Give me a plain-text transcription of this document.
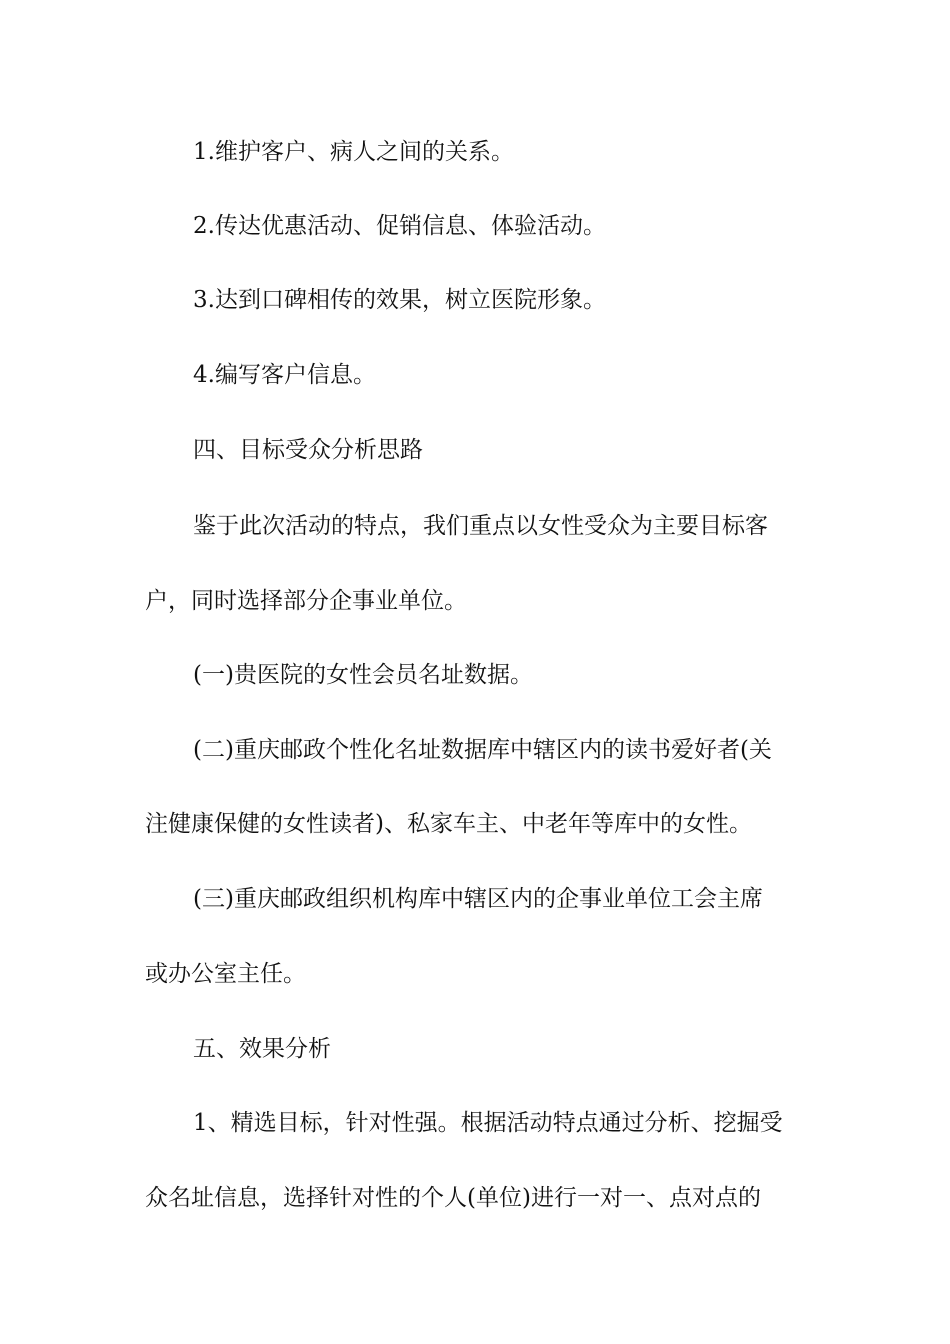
1.维护客户、病人之间的关系。

2.传达优惠活动、促销信息、体验活动。

3.达到口碑相传的效果，树立医院形象。

4.编写客户信息。

四、目标受众分析思路

鉴于此次活动的特点，我们重点以女性受众为主要目标客

户，同时选择部分企事业单位。

(一)贵医院的女性会员名址数据。

(二)重庆邮政个性化名址数据库中辖区内的读书爱好者(关

注健康保健的女性读者)、私家车主、中老年等库中的女性。

(三)重庆邮政组织机构库中辖区内的企事业单位工会主席

或办公室主任。

五、效果分析

1、精选目标，针对性强。根据活动特点通过分析、挖掘受

众名址信息，选择针对性的个人(单位)进行一对一、点对点的
